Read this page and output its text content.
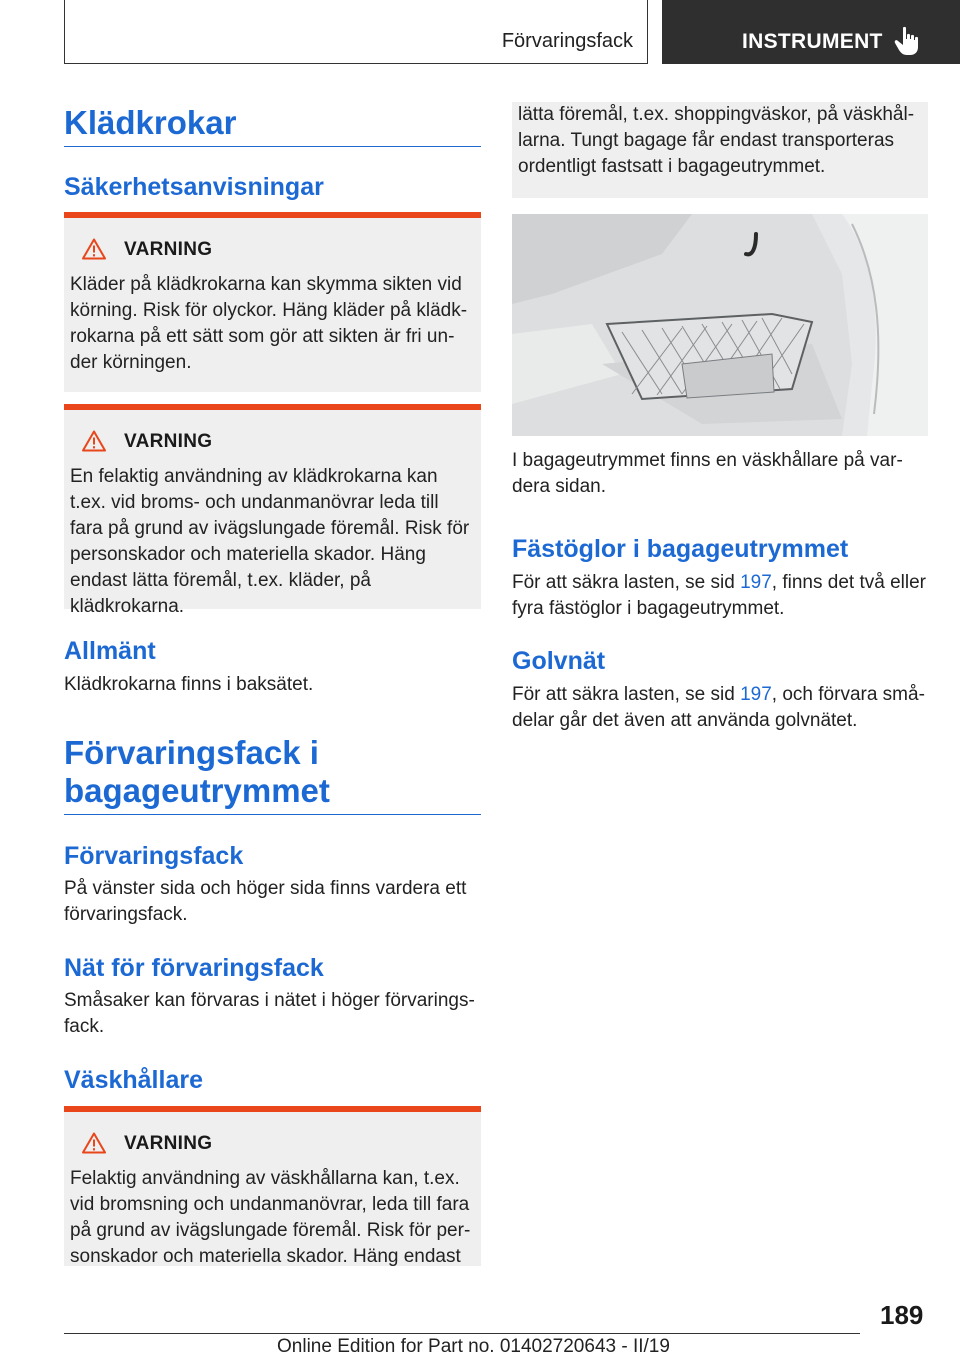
Förvaringsfack	INSTRUMENT
Klädkrokar
Säkerhetsanvisningar
VARNING
Kläder på klädkrokarna kan skymma sikten vid körning. Risk för olyckor. Häng kläder på klädkrokarna på ett sätt som gör att sikten är fri under körningen.
VARNING
En felaktig användning av klädkrokarna kan t.ex. vid broms- och undanmanövrar leda till fara på grund av ivägslungade föremål. Risk för personskador och materiella skador. Häng endast lätta föremål, t.ex. kläder, på klädkrokarna.
Allmänt

Klädkrokarna finns i baksätet.

Förvaringsfack i
bagageutrymmet
Förvaringsfack

På vänster sida och höger sida finns vardera ett förvaringsfack.

Nät för förvaringsfack

Småsaker kan förvaras i nätet i höger förvaringsfack.

Väskhållare
VARNING
Felaktig användning av väskhållarna kan, t.ex. vid bromsning och undanmanövrar, leda till fara på grund av ivägslungade föremål. Risk för personskador och materiella skador. Häng endast
lätta föremål, t.ex. shoppingväskor, på väskhållarna. Tungt bagage får endast transporteras ordentligt fastsatt i bagageutrymmet.

I bagageutrymmet finns en väskhållare på vardera sidan.

Fästöglor i bagageutrymmet

För att säkra lasten, se sid 197, finns det två eller fyra fästöglor i bagageutrymmet.

Golvnät

För att säkra lasten, se sid 197, och förvara smådelar går det även att använda golvnätet.

189
Online Edition for Part no. 01402720643 - II/19
